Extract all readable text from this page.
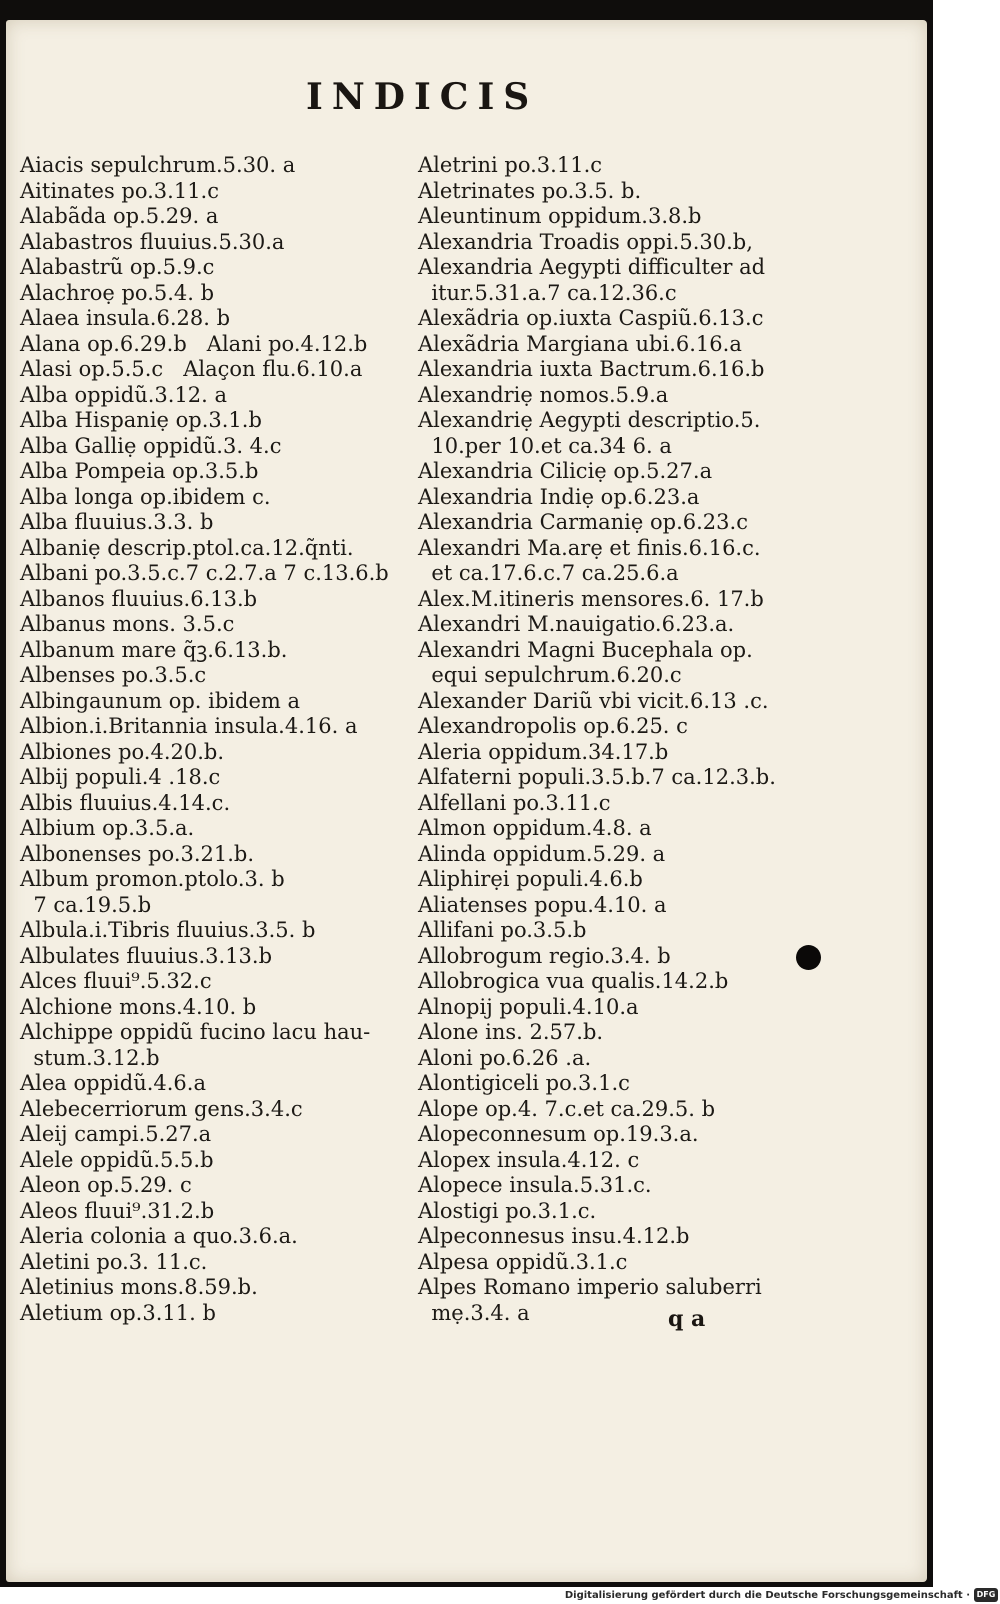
INDICIS
Aiacis sepulchrum.5.30. a
Aitinates po.3.11.c
Alabãda op.5.29. a
Alabastros fluuius.5.30.a
Alabastrũ op.5.9.c
Alachroẹ po.5.4. b
Alaea insula.6.28. b
Alana op.6.29.b   Alani po.4.12.b
Alasi op.5.5.c   Alaçon flu.6.10.a
Alba oppidũ.3.12. a
Alba Hispaniẹ op.3.1.b
Alba Galliẹ oppidũ.3. 4.c
Alba Pompeia op.3.5.b
Alba longa op.ibidem c.
Alba fluuius.3.3. b
Albaniẹ descrip.ptol.ca.12.q̃nti.
Albani po.3.5.c.7 c.2.7.a 7 c.13.6.b
Albanos fluuius.6.13.b
Albanus mons. 3.5.c
Albanum mare q̃ꝫ.6.13.b.
Albenses po.3.5.c
Albingaunum op. ibidem a
Albion.i.Britannia insula.4.16. a
Albiones po.4.20.b.
Albij populi.4 .18.c
Albis fluuius.4.14.c.
Albium op.3.5.a.
Albonenses po.3.21.b.
Album promon.ptolo.3. b
7 ca.19.5.b
Albula.i.Tibris fluuius.3.5. b
Albulates fluuius.3.13.b
Alces fluui⁹.5.32.c
Alchione mons.4.10. b
Alchippe oppidũ fucino lacu hau-
stum.3.12.b
Alea oppidũ.4.6.a
Alebecerriorum gens.3.4.c
Aleij campi.5.27.a
Alele oppidũ.5.5.b
Aleon op.5.29. c
Aleos fluui⁹.31.2.b
Aleria colonia a quo.3.6.a.
Aletini po.3. 11.c.
Aletinius mons.8.59.b.
Aletium op.3.11. b
Aletrini po.3.11.c
Aletrinates po.3.5. b.
Aleuntinum oppidum.3.8.b
Alexandria Troadis oppi.5.30.b,
Alexandria Aegypti difficulter ad
itur.5.31.a.7 ca.12.36.c
Alexãdria op.iuxta Caspiũ.6.13.c
Alexãdria Margiana ubi.6.16.a
Alexandria iuxta Bactrum.6.16.b
Alexandriẹ nomos.5.9.a
Alexandriẹ Aegypti descriptio.5.
10.per 10.et ca.34 6. a
Alexandria Ciliciẹ op.5.27.a
Alexandria Indiẹ op.6.23.a
Alexandria Carmaniẹ op.6.23.c
Alexandri Ma.arẹ et finis.6.16.c.
et ca.17.6.c.7 ca.25.6.a
Alex.M.itineris mensores.6. 17.b
Alexandri M.nauigatio.6.23.a.
Alexandri Magni Bucephala op.
equi sepulchrum.6.20.c
Alexander Dariũ vbi vicit.6.13 .c.
Alexandropolis op.6.25. c
Aleria oppidum.34.17.b
Alfaterni populi.3.5.b.7 ca.12.3.b.
Alfellani po.3.11.c
Almon oppidum.4.8. a
Alinda oppidum.5.29. a
Aliphirẹi populi.4.6.b
Aliatenses popu.4.10. a
Allifani po.3.5.b
Allobrogum regio.3.4. b
Allobrogica vua qualis.14.2.b
Alnopij populi.4.10.a
Alone ins. 2.57.b.
Aloni po.6.26 .a.
Alontigiceli po.3.1.c
Alope op.4. 7.c.et ca.29.5. b
Alopeconnesum op.19.3.a.
Alopex insula.4.12. c
Alopece insula.5.31.c.
Alostigi po.3.1.c.
Alpeconnesus insu.4.12.b
Alpesa oppidũ.3.1.c
Alpes Romano imperio saluberri
mẹ.3.4. a	q a
Digitalisierung gefördert durch die Deutsche Forschungsgemeinschaft · DFG
